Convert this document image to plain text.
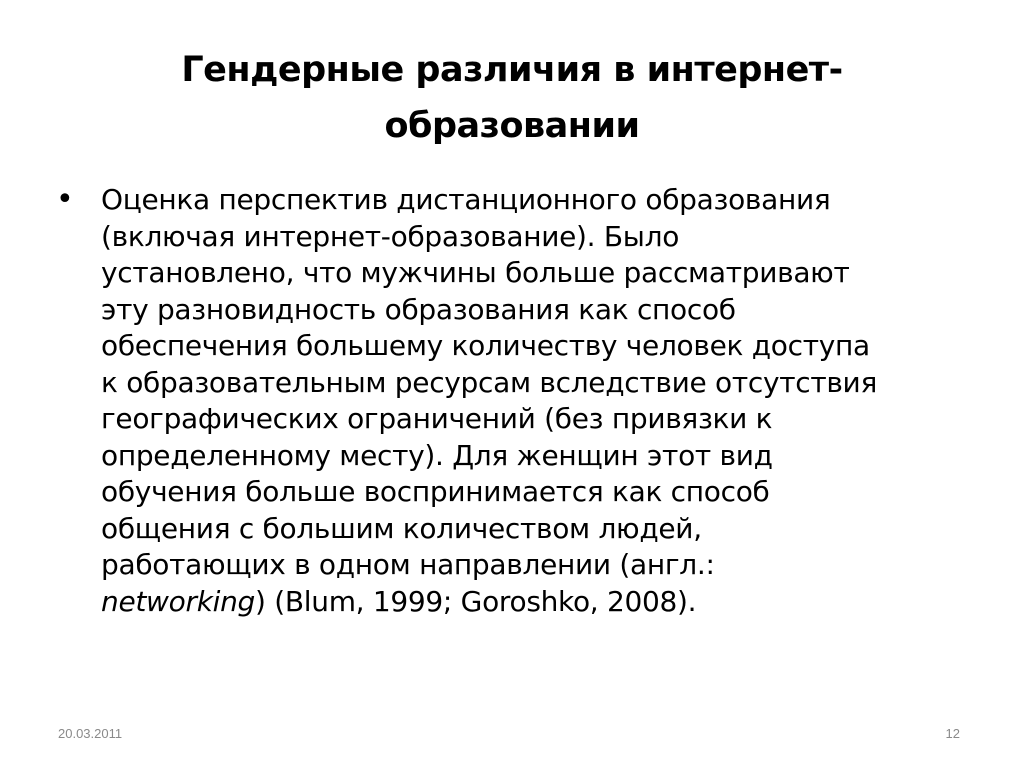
Гендерные различия в интернет-
образовании
• Оценка перспектив дистанционного образования
(включая интернет-образование). Было
установлено, что мужчины больше рассматривают
эту разновидность образования как способ
обеспечения большему количеству человек доступа
к образовательным ресурсам вследствие отсутствия
географических ограничений (без привязки к
определенному месту). Для женщин этот вид
обучения больше воспринимается как способ
общения с большим количеством людей,
работающих в одном направлении (англ.:
networking) (Blum, 1999; Goroshko, 2008).
20.03.2011	12
